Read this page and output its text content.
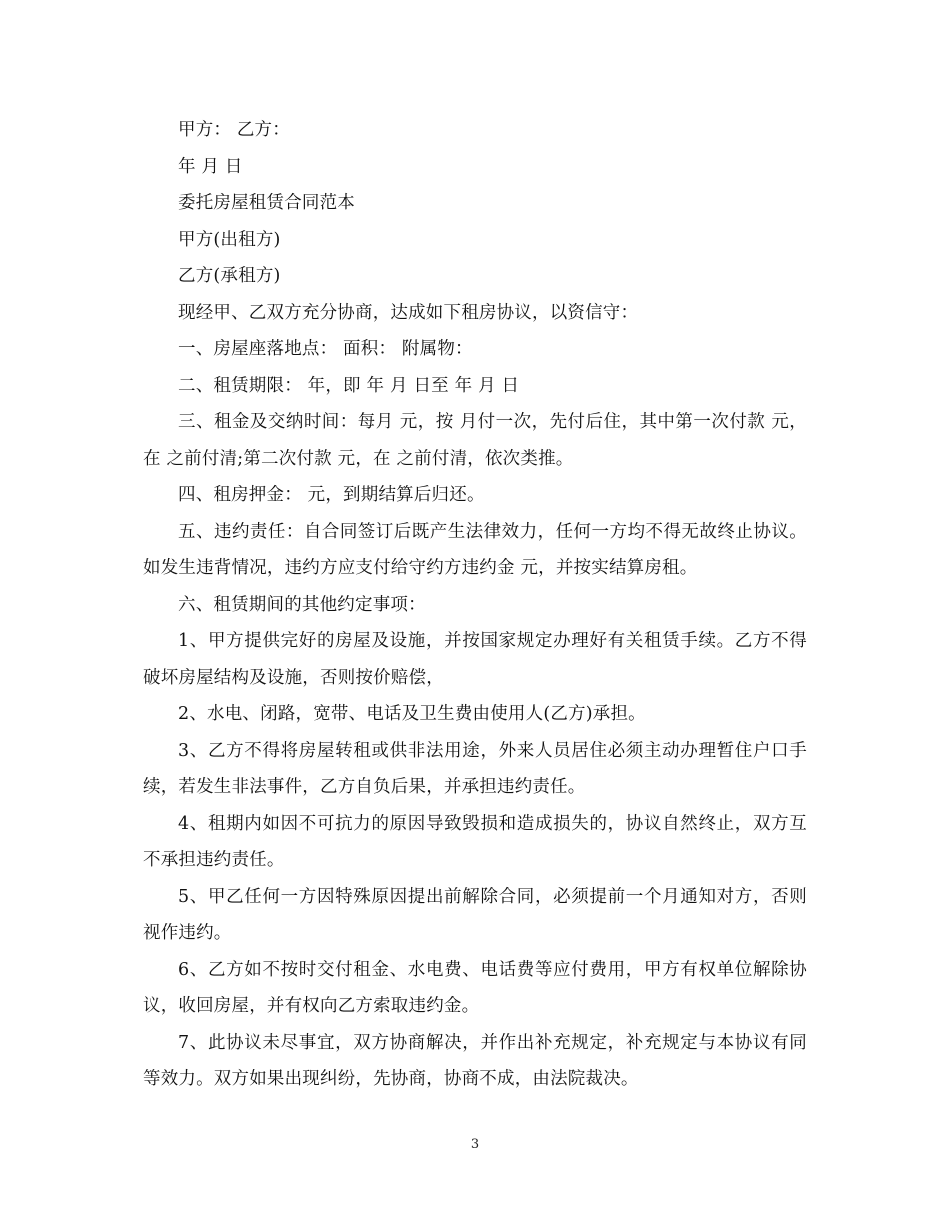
甲方： 乙方：

年 月 日

委托房屋租赁合同范本

甲方(出租方)

乙方(承租方)

现经甲、乙双方充分协商，达成如下租房协议，以资信守：

一、房屋座落地点： 面积： 附属物：

二、租赁期限： 年，即 年 月 日至 年 月 日

三、租金及交纳时间：每月 元，按 月付一次，先付后住，其中第一次付款 元，在 之前付清;第二次付款 元，在 之前付清，依次类推。

四、租房押金： 元，到期结算后归还。

五、违约责任：自合同签订后既产生法律效力，任何一方均不得无故终止协议。如发生违背情况，违约方应支付给守约方违约金 元，并按实结算房租。

六、租赁期间的其他约定事项：

1、甲方提供完好的房屋及设施，并按国家规定办理好有关租赁手续。乙方不得破坏房屋结构及设施，否则按价赔偿，

2、水电、闭路，宽带、电话及卫生费由使用人(乙方)承担。

3、乙方不得将房屋转租或供非法用途，外来人员居住必须主动办理暂住户口手续，若发生非法事件，乙方自负后果，并承担违约责任。

4、租期内如因不可抗力的原因导致毁损和造成损失的，协议自然终止，双方互不承担违约责任。

5、甲乙任何一方因特殊原因提出前解除合同，必须提前一个月通知对方，否则视作违约。

6、乙方如不按时交付租金、水电费、电话费等应付费用，甲方有权单位解除协议，收回房屋，并有权向乙方索取违约金。

7、此协议未尽事宜，双方协商解决，并作出补充规定，补充规定与本协议有同等效力。双方如果出现纠纷，先协商，协商不成，由法院裁决。

3
